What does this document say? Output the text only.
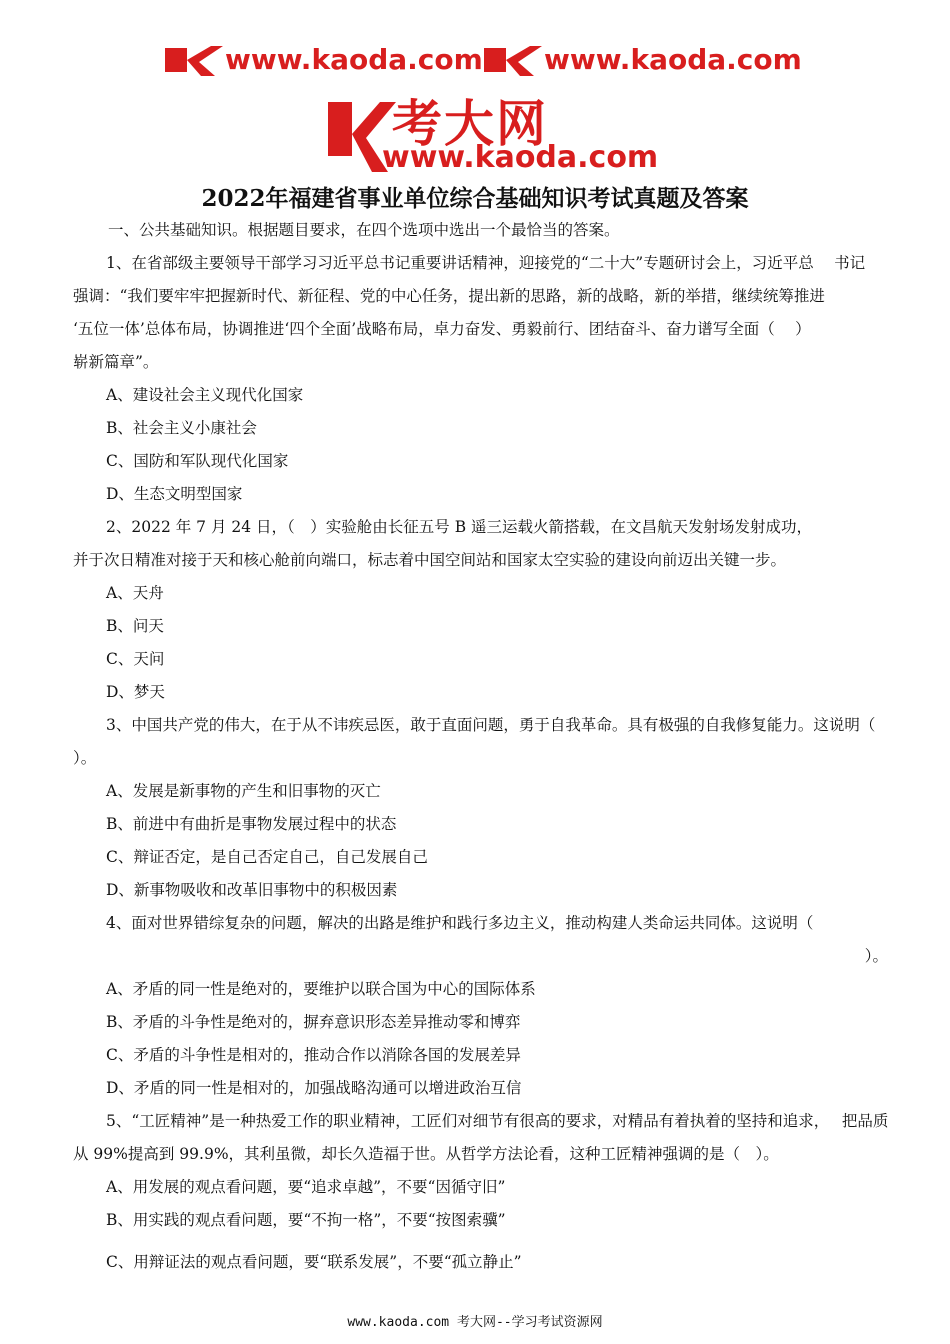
www.kaoda.com www.kaoda.com
考大网
www.kaoda.com
2022年福建省事业单位综合基础知识考试真题及答案
一、公共基础知识。根据题目要求，在四个选项中选出一个最恰当的答案。
1、在省部级主要领导干部学习习近平总书记重要讲话精神，迎接党的“二十大”专题研讨会上，习近平总　 书记
强调：“我们要牢牢把握新时代、新征程、党的中心任务，提出新的思路，新的战略，新的举措，继续统筹推进
‘五位一体’总体布局，协调推进‘四个全面’战略布局，卓力奋发、勇毅前行、团结奋斗、奋力谱写全面（　 ）
崭新篇章”。
A、建设社会主义现代化国家
B、社会主义小康社会
C、国防和军队现代化国家
D、生态文明型国家
2、2022 年 7 月 24 日，（　）实验舱由长征五号 B 遥三运载火箭搭载，在文昌航天发射场发射成功，
并于次日精准对接于天和核心舱前向端口，标志着中国空间站和国家太空实验的建设向前迈出关键一步。
A、天舟
B、问天
C、天问
D、梦天
3、中国共产党的伟大，在于从不讳疾忌医，敢于直面问题，勇于自我革命。具有极强的自我修复能力。这说明（
）。
A、发展是新事物的产生和旧事物的灭亡
B、前进中有曲折是事物发展过程中的状态
C、辩证否定，是自己否定自己，自己发展自己
D、新事物吸收和改革旧事物中的积极因素
4、面对世界错综复杂的问题，解决的出路是维护和践行多边主义，推动构建人类命运共同体。这说明（
）。
A、矛盾的同一性是绝对的，要维护以联合国为中心的国际体系
B、矛盾的斗争性是绝对的，摒弃意识形态差异推动零和博弈
C、矛盾的斗争性是相对的，推动合作以消除各国的发展差异
D、矛盾的同一性是相对的，加强战略沟通可以增进政治互信
5、“工匠精神”是一种热爱工作的职业精神，工匠们对细节有很高的要求，对精品有着执着的坚持和追求，　 把品质
从 99%提高到 99.9%，其利虽微，却长久造福于世。从哲学方法论看，这种工匠精神强调的是（　）。
A、用发展的观点看问题，要“追求卓越”，不要“因循守旧”
B、用实践的观点看问题，要“不拘一格”，不要“按图索骥”
C、用辩证法的观点看问题，要“联系发展”，不要“孤立静止”
www.kaoda.com 考大网--学习考试资源网
